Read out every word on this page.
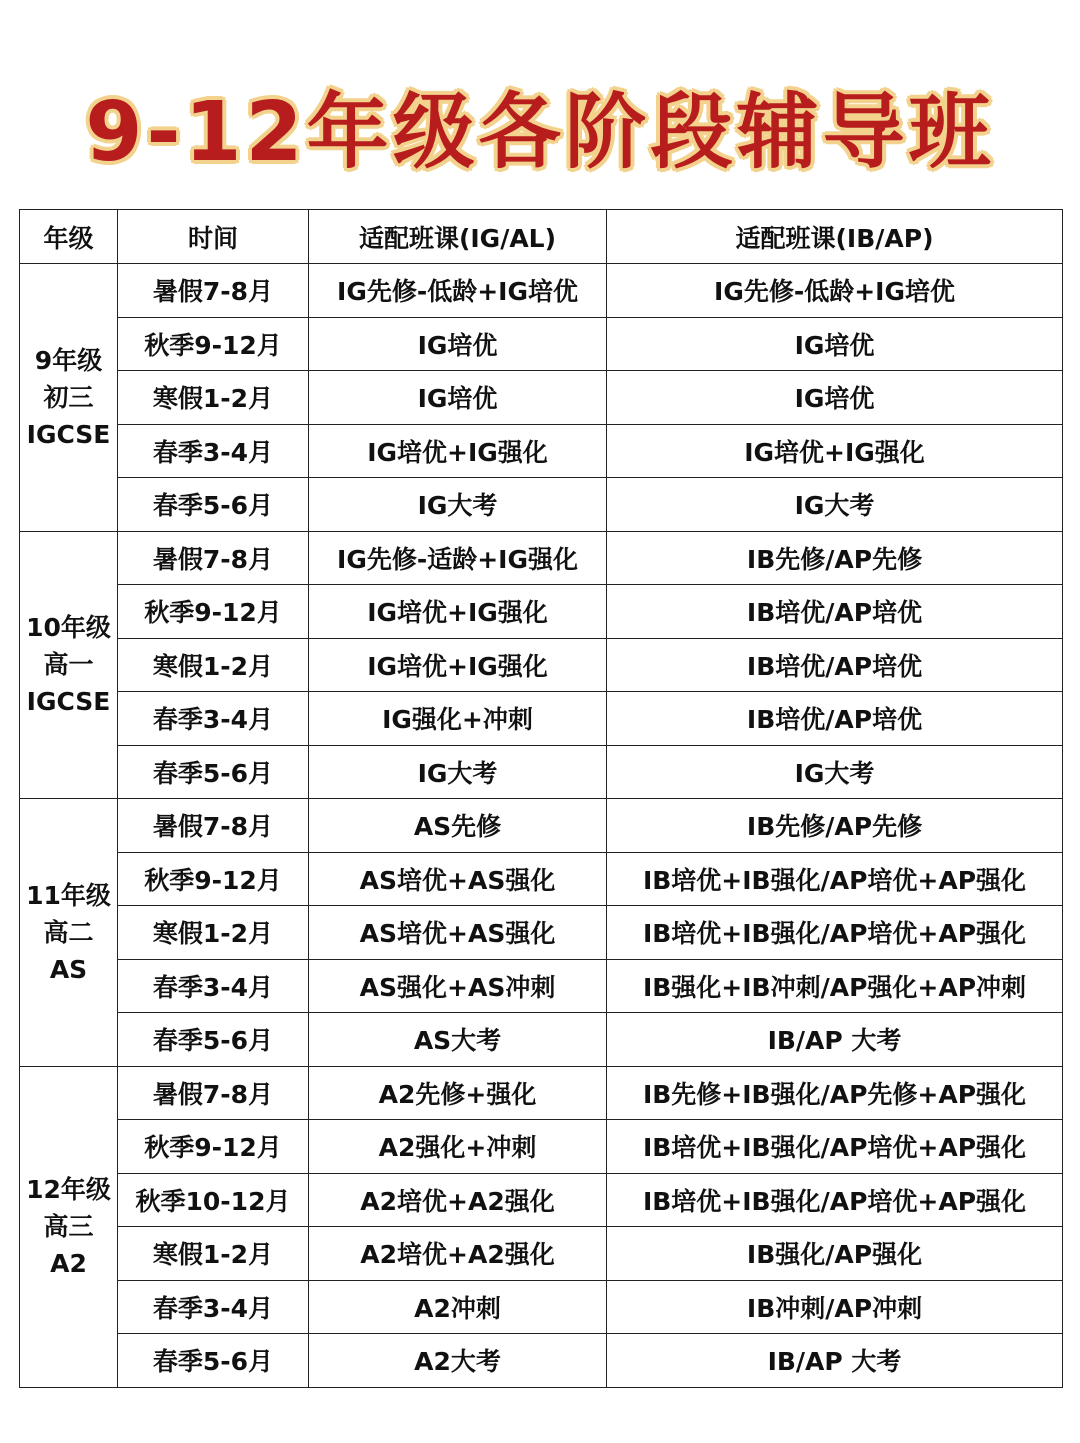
9-12年级各阶段辅导班
年级	时间	适配班课(IG/AL)	适配班课(IB/AP)

9年级
初三
IGCSE	暑假7-8月	IG先修-低龄+IG培优	IG先修-低龄+IG培优
	秋季9-12月	IG培优	IG培优
	寒假1-2月	IG培优	IG培优
	春季3-4月	IG培优+IG强化	IG培优+IG强化
	春季5-6月	IG大考	IG大考

10年级
高一
IGCSE	暑假7-8月	IG先修-适龄+IG强化	IB先修/AP先修
	秋季9-12月	IG培优+IG强化	IB培优/AP培优
	寒假1-2月	IG培优+IG强化	IB培优/AP培优
	春季3-4月	IG强化+冲刺	IB培优/AP培优
	春季5-6月	IG大考	IG大考

11年级
高二
AS	暑假7-8月	AS先修	IB先修/AP先修
	秋季9-12月	AS培优+AS强化	IB培优+IB强化/AP培优+AP强化
	寒假1-2月	AS培优+AS强化	IB培优+IB强化/AP培优+AP强化
	春季3-4月	AS强化+AS冲刺	IB强化+IB冲刺/AP强化+AP冲刺
	春季5-6月	AS大考	IB/AP 大考

12年级
高三
A2	暑假7-8月	A2先修+强化	IB先修+IB强化/AP先修+AP强化
	秋季9-12月	A2强化+冲刺	IB培优+IB强化/AP培优+AP强化
	秋季10-12月	A2培优+A2强化	IB培优+IB强化/AP培优+AP强化
	寒假1-2月	A2培优+A2强化	IB强化/AP强化
	春季3-4月	A2冲刺	IB冲刺/AP冲刺
	春季5-6月	A2大考	IB/AP 大考
